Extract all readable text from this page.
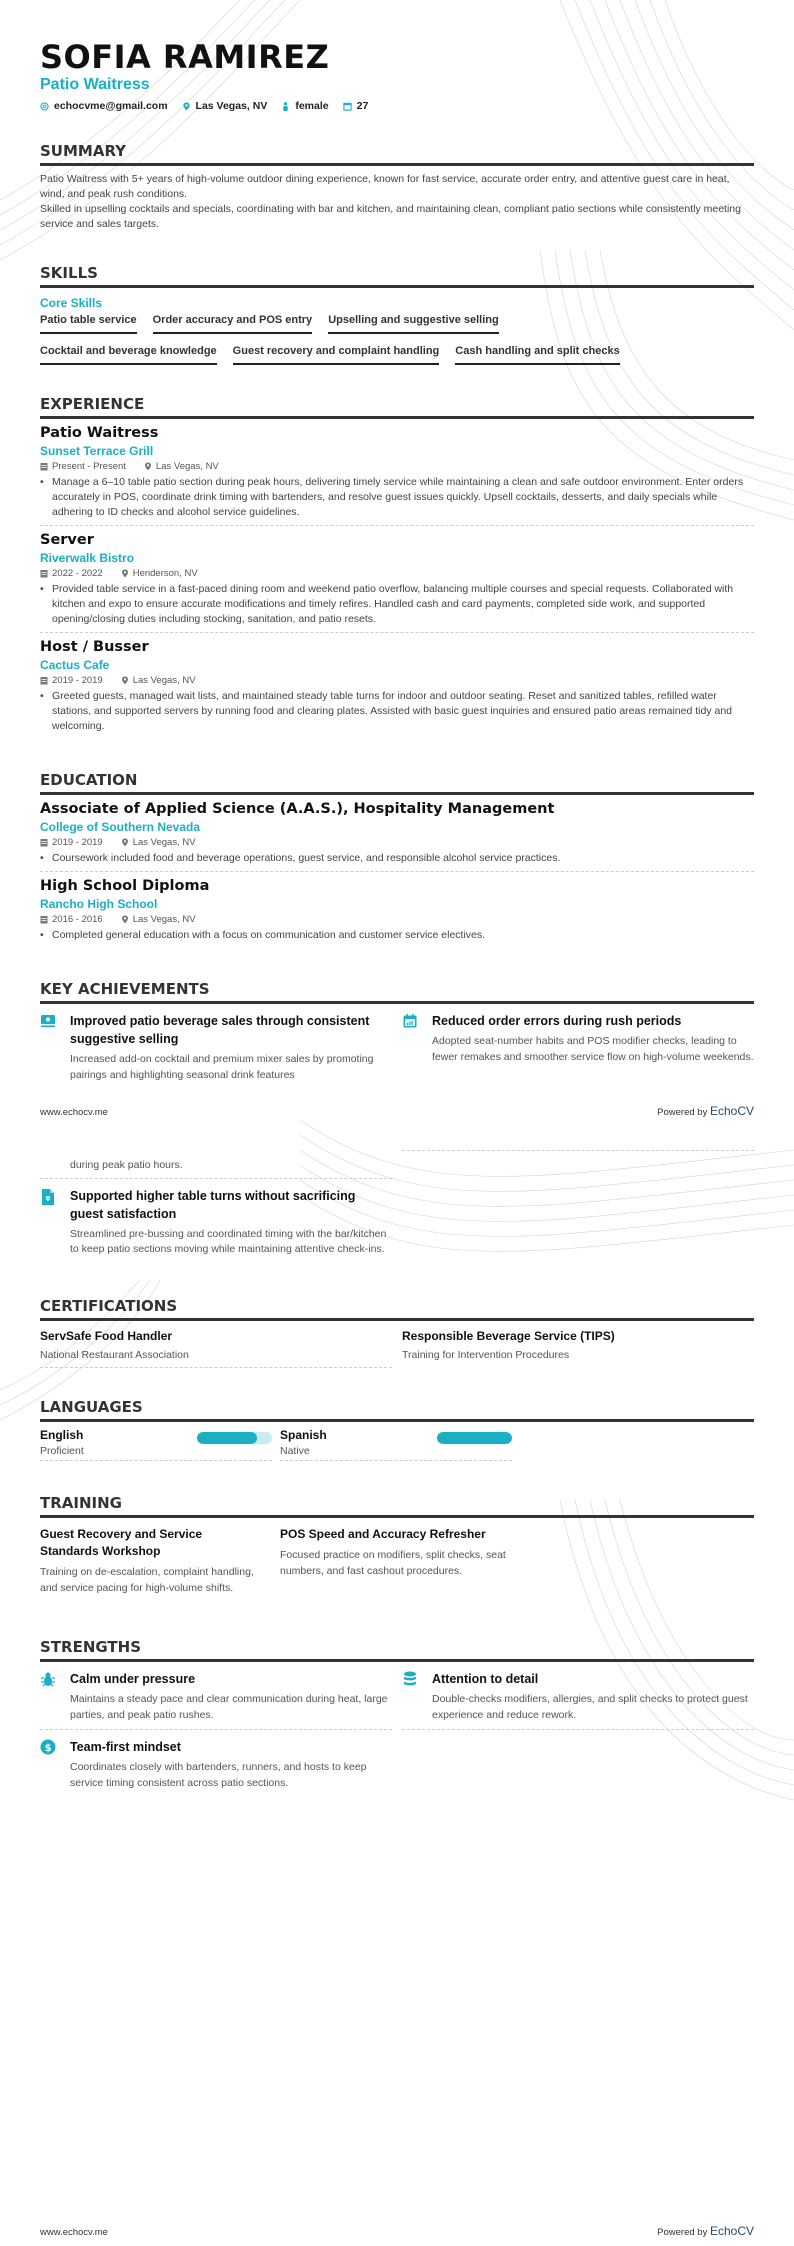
SOFIA RAMIREZ
Patio Waitress
echocvme@gmail.com	Las Vegas, NV	female	27
SUMMARY

Patio Waitress with 5+ years of high-volume outdoor dining experience, known for fast service, accurate order entry, and attentive guest care in heat, wind, and peak rush conditions.

Skilled in upselling cocktails and specials, coordinating with bar and kitchen, and maintaining clean, compliant patio sections while consistently meeting service and sales targets.

SKILLS
Core Skills
Patio table service Order accuracy and POS entry Upselling and suggestive selling
Cocktail and beverage knowledge Guest recovery and complaint handling Cash handling and split checks
EXPERIENCE
Patio Waitress
Sunset Terrace Grill
Present - Present	Las Vegas, NV
• Manage a 6–10 table patio section during peak hours, delivering timely service while maintaining a clean and safe outdoor environment. Enter orders accurately in POS, coordinate drink timing with bartenders, and resolve guest issues quickly. Upsell cocktails, desserts, and daily specials while adhering to ID checks and alcohol service guidelines.
Server
Riverwalk Bistro
2022 - 2022	Henderson, NV
• Provided table service in a fast-paced dining room and weekend patio overflow, balancing multiple courses and special requests. Collaborated with kitchen and expo to ensure accurate modifications and timely refires. Handled cash and card payments, completed side work, and supported opening/closing duties including stocking, sanitation, and patio resets.
Host / Busser
Cactus Cafe
2019 - 2019	Las Vegas, NV
• Greeted guests, managed wait lists, and maintained steady table turns for indoor and outdoor seating. Reset and sanitized tables, refilled water stations, and supported servers by running food and clearing plates. Assisted with basic guest inquiries and ensured patio areas remained tidy and welcoming.
EDUCATION
Associate of Applied Science (A.A.S.), Hospitality Management
College of Southern Nevada
2019 - 2019	Las Vegas, NV
• Coursework included food and beverage operations, guest service, and responsible alcohol service practices.
High School Diploma
Rancho High School
2016 - 2016	Las Vegas, NV
• Completed general education with a focus on communication and customer service electives.
KEY ACHIEVEMENTS
Improved patio beverage sales through consistent suggestive selling
Increased add-on cocktail and premium mixer sales by promoting pairings and highlighting seasonal drink features
Reduced order errors during rush periods
Adopted seat-number habits and POS modifier checks, leading to fewer remakes and smoother service flow on high-volume weekends.
www.echocv.me	Powered by EchoCV
during peak patio hours.
¥ Supported higher table turns without sacrificing guest satisfaction
Streamlined pre-bussing and coordinated timing with the bar/kitchen to keep patio sections moving while maintaining attentive check-ins.
CERTIFICATIONS
ServSafe Food Handler
National Restaurant Association
Responsible Beverage Service (TIPS)
Training for Intervention Procedures
LANGUAGES
English
Proficient
Spanish
Native
TRAINING
Guest Recovery and Service Standards Workshop
Training on de-escalation, complaint handling, and service pacing for high-volume shifts.
POS Speed and Accuracy Refresher
Focused practice on modifiers, split checks, seat numbers, and fast cashout procedures.
STRENGTHS
Calm under pressure
Maintains a steady pace and clear communication during heat, large parties, and peak patio rushes.
Attention to detail
Double-checks modifiers, allergies, and split checks to protect guest experience and reduce rework.
$ Team-first mindset
Coordinates closely with bartenders, runners, and hosts to keep service timing consistent across patio sections.
www.echocv.me	Powered by EchoCV
